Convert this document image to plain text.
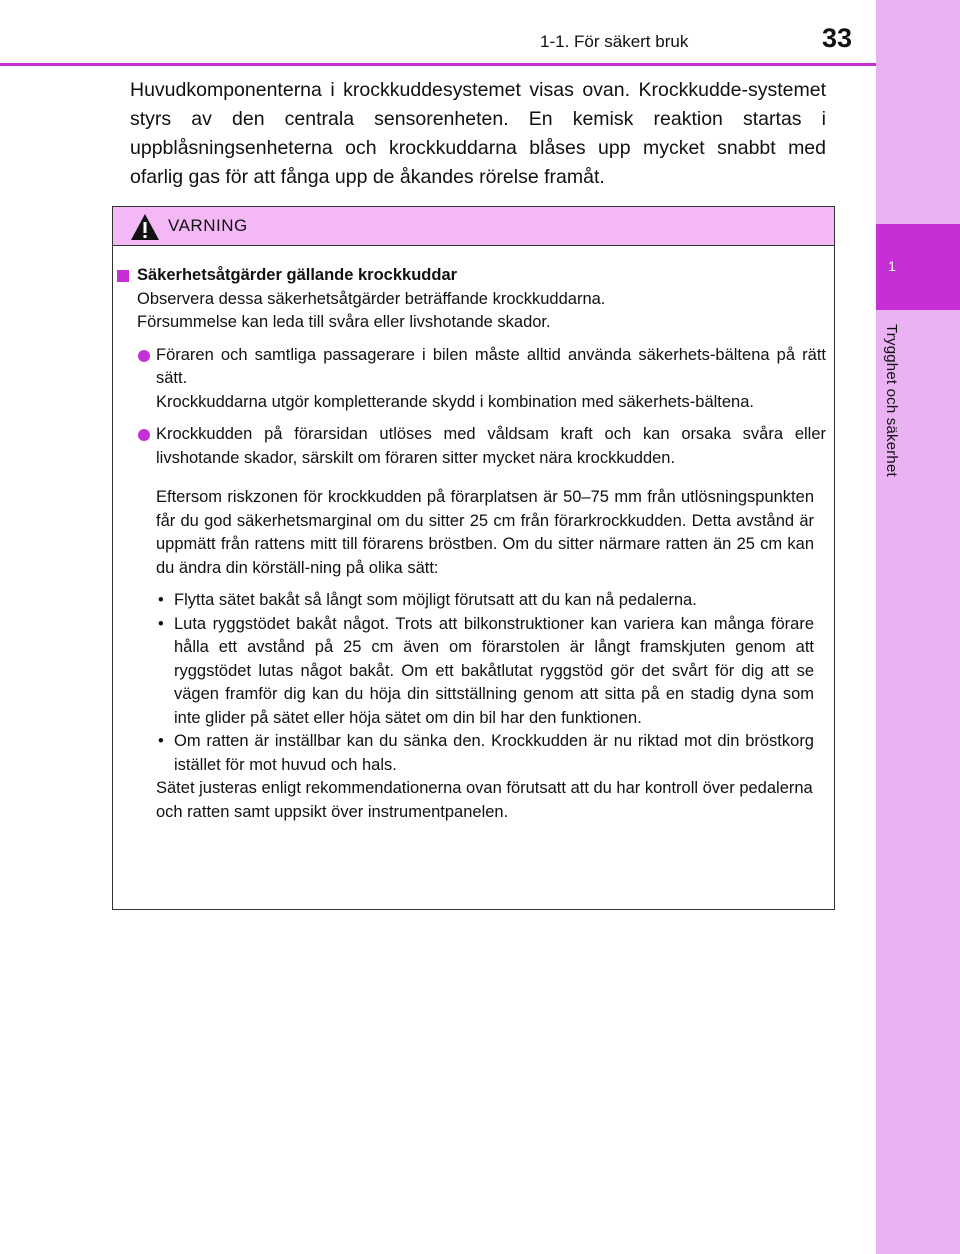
1
Trygghet och säkerhet
1-1. För säkert bruk	33
Huvudkomponenterna i krockkuddesystemet visas ovan. Krockkudde-systemet styrs av den centrala sensorenheten. En kemisk reaktion startas i uppblåsningsenheterna och krockkuddarna blåses upp mycket snabbt med ofarlig gas för att fånga upp de åkandes rörelse framåt.
VARNING
Säkerhetsåtgärder gällande krockkuddar
Observera dessa säkerhetsåtgärder beträffande krockkuddarna.
Försummelse kan leda till svåra eller livshotande skador.
Föraren och samtliga passagerare i bilen måste alltid använda säkerhets-bältena på rätt sätt.
Krockkuddarna utgör kompletterande skydd i kombination med säkerhets-bältena.
Krockkudden på förarsidan utlöses med våldsam kraft och kan orsaka svåra eller livshotande skador, särskilt om föraren sitter mycket nära krockkudden.
Eftersom riskzonen för krockkudden på förarplatsen är 50–75 mm från utlösningspunkten får du god säkerhetsmarginal om du sitter 25 cm från förarkrockkudden. Detta avstånd är uppmätt från rattens mitt till förarens bröstben. Om du sitter närmare ratten än 25 cm kan du ändra din körställ-ning på olika sätt:
• Flytta sätet bakåt så långt som möjligt förutsatt att du kan nå pedalerna.
• Luta ryggstödet bakåt något. Trots att bilkonstruktioner kan variera kan många förare hålla ett avstånd på 25 cm även om förarstolen är långt framskjuten genom att ryggstödet lutas något bakåt. Om ett bakåtlutat ryggstöd gör det svårt för dig att se vägen framför dig kan du höja din sittställning genom att sitta på en stadig dyna som inte glider på sätet eller höja sätet om din bil har den funktionen.
• Om ratten är inställbar kan du sänka den. Krockkudden är nu riktad mot din bröstkorg istället för mot huvud och hals.
Sätet justeras enligt rekommendationerna ovan förutsatt att du har kontroll över pedalerna och ratten samt uppsikt över instrumentpanelen.
